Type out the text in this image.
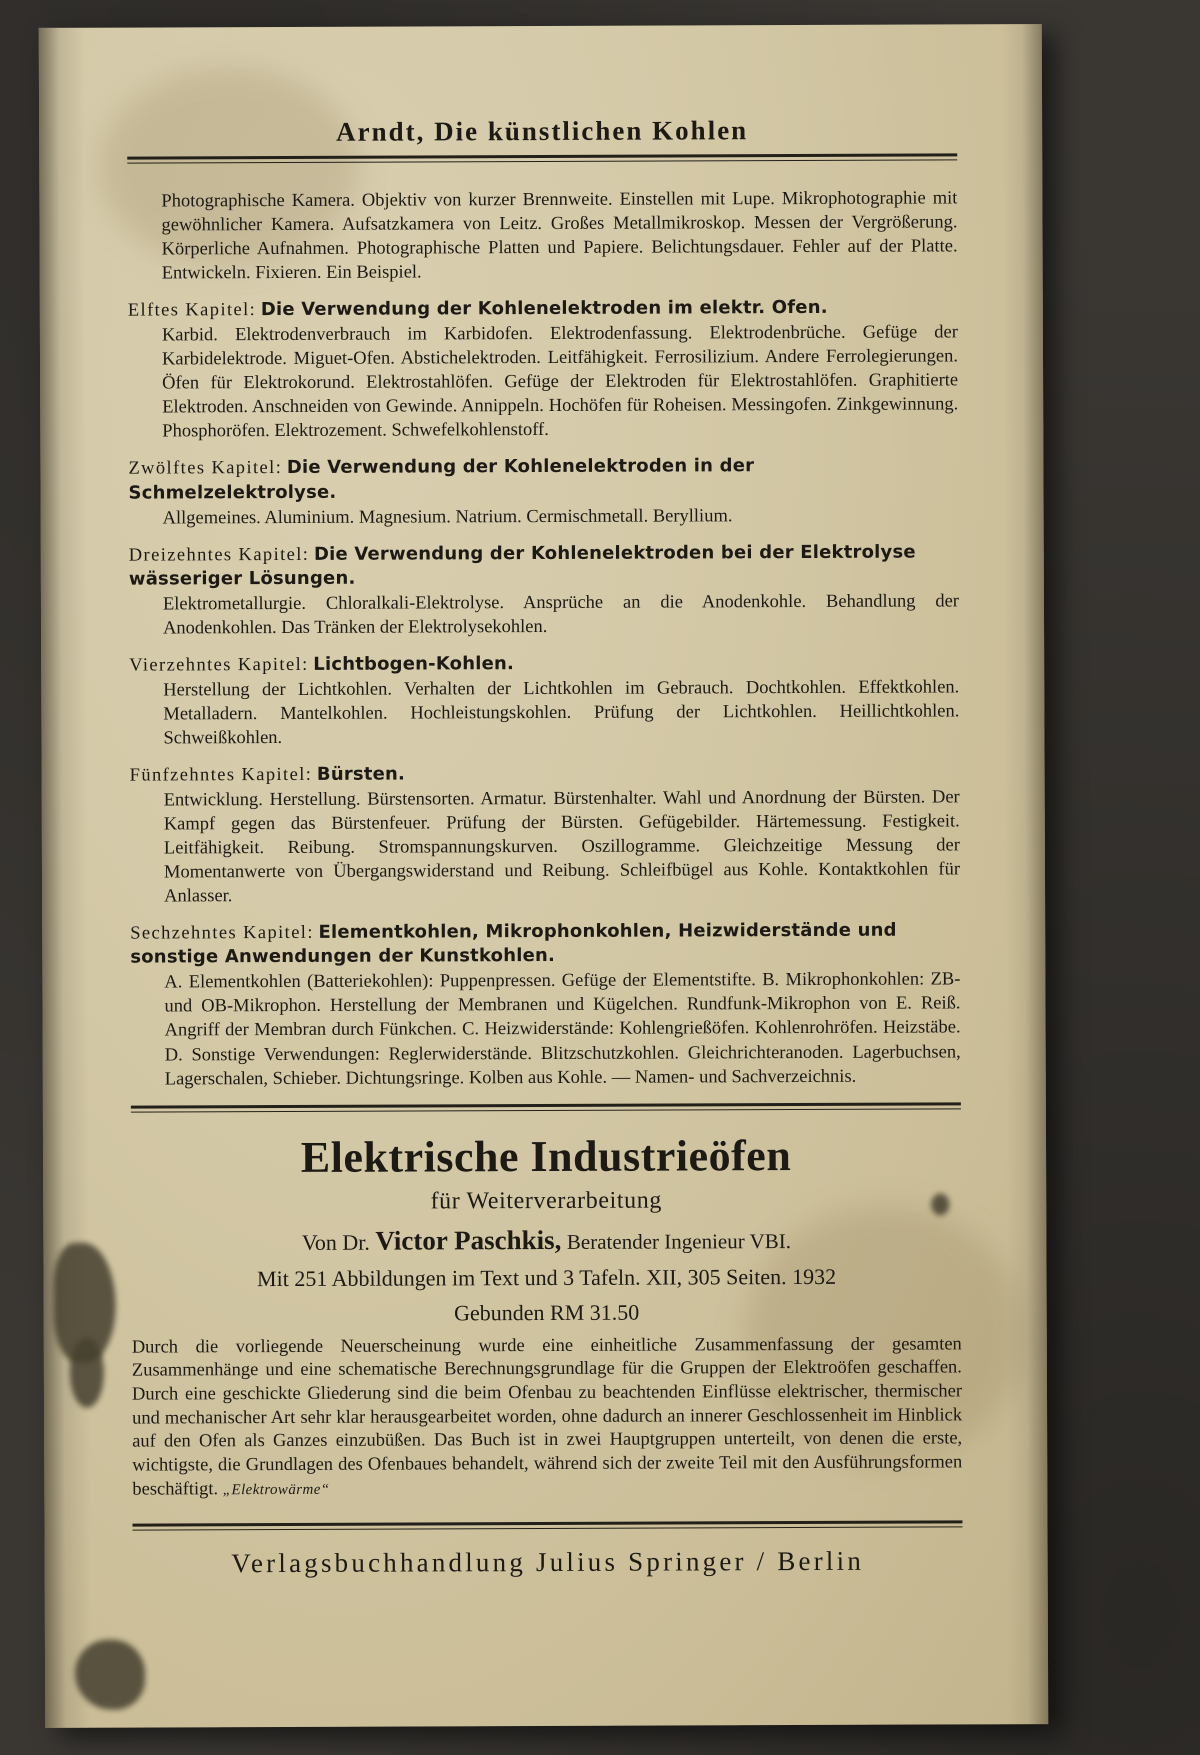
Arndt, Die künstlichen Kohlen

Photographische Kamera. Objektiv von kurzer Brennweite. Einstellen mit Lupe. Mikrophotographie mit gewöhnlicher Kamera. Aufsatzkamera von Leitz. Großes Metallmikroskop. Messen der Vergrößerung. Körperliche Aufnahmen. Photographische Platten und Papiere. Belichtungsdauer. Fehler auf der Platte. Entwickeln. Fixieren. Ein Beispiel.

Elftes Kapitel: Die Verwendung der Kohlenelektroden im elektr. Ofen.

Karbid. Elektrodenverbrauch im Karbidofen. Elektrodenfassung. Elektrodenbrüche. Gefüge der Karbidelektrode. Miguet-Ofen. Abstichelektroden. Leitfähigkeit. Ferrosilizium. Andere Ferrolegierungen. Öfen für Elektrokorund. Elektrostahlöfen. Gefüge der Elektroden für Elektrostahlöfen. Graphitierte Elektroden. Anschneiden von Gewinde. Annippeln. Hochöfen für Roheisen. Messingofen. Zinkgewinnung. Phosphoröfen. Elektrozement. Schwefelkohlenstoff.

Zwölftes Kapitel: Die Verwendung der Kohlenelektroden in der Schmelzelektrolyse.

Allgemeines. Aluminium. Magnesium. Natrium. Cermischmetall. Beryllium.

Dreizehntes Kapitel: Die Verwendung der Kohlenelektroden bei der Elektrolyse wässeriger Lösungen.

Elektrometallurgie. Chloralkali-Elektrolyse. Ansprüche an die Anodenkohle. Behandlung der Anodenkohlen. Das Tränken der Elektrolysekohlen.

Vierzehntes Kapitel: Lichtbogen-Kohlen.

Herstellung der Lichtkohlen. Verhalten der Lichtkohlen im Gebrauch. Dochtkohlen. Effektkohlen. Metalladern. Mantelkohlen. Hochleistungskohlen. Prüfung der Lichtkohlen. Heillichtkohlen. Schweißkohlen.

Fünfzehntes Kapitel: Bürsten.

Entwicklung. Herstellung. Bürstensorten. Armatur. Bürstenhalter. Wahl und Anordnung der Bürsten. Der Kampf gegen das Bürstenfeuer. Prüfung der Bürsten. Gefügebilder. Härtemessung. Festigkeit. Leitfähigkeit. Reibung. Stromspannungskurven. Oszillogramme. Gleichzeitige Messung der Momentanwerte von Übergangswiderstand und Reibung. Schleifbügel aus Kohle. Kontaktkohlen für Anlasser.

Sechzehntes Kapitel: Elementkohlen, Mikrophonkohlen, Heizwiderstände und sonstige Anwendungen der Kunstkohlen.

A. Elementkohlen (Batteriekohlen): Puppenpressen. Gefüge der Elementstifte. B. Mikrophonkohlen: ZB- und OB-Mikrophon. Herstellung der Membranen und Kügelchen. Rundfunk-Mikrophon von E. Reiß. Angriff der Membran durch Fünkchen. C. Heizwiderstände: Kohlengrießöfen. Kohlenrohröfen. Heizstäbe. D. Sonstige Verwendungen: Reglerwiderstände. Blitzschutzkohlen. Gleichrichteranoden. Lagerbuchsen, Lagerschalen, Schieber. Dichtungsringe. Kolben aus Kohle. — Namen- und Sachverzeichnis.

Elektrische Industrieöfen
für Weiterverarbeitung
Von Dr. Victor Paschkis, Beratender Ingenieur VBI.
Mit 251 Abbildungen im Text und 3 Tafeln. XII, 305 Seiten. 1932
Gebunden RM 31.50

Durch die vorliegende Neuerscheinung wurde eine einheitliche Zusammenfassung der gesamten Zusammenhänge und eine schematische Berechnungsgrundlage für die Gruppen der Elektroöfen geschaffen. Durch eine geschickte Gliederung sind die beim Ofenbau zu beachtenden Einflüsse elektrischer, thermischer und mechanischer Art sehr klar herausgearbeitet worden, ohne dadurch an innerer Geschlossenheit im Hinblick auf den Ofen als Ganzes einzubüßen. Das Buch ist in zwei Hauptgruppen unterteilt, von denen die erste, wichtigste, die Grundlagen des Ofenbaues behandelt, während sich der zweite Teil mit den Ausführungsformen beschäftigt. „Elektrowärme“

Verlagsbuchhandlung Julius Springer / Berlin
